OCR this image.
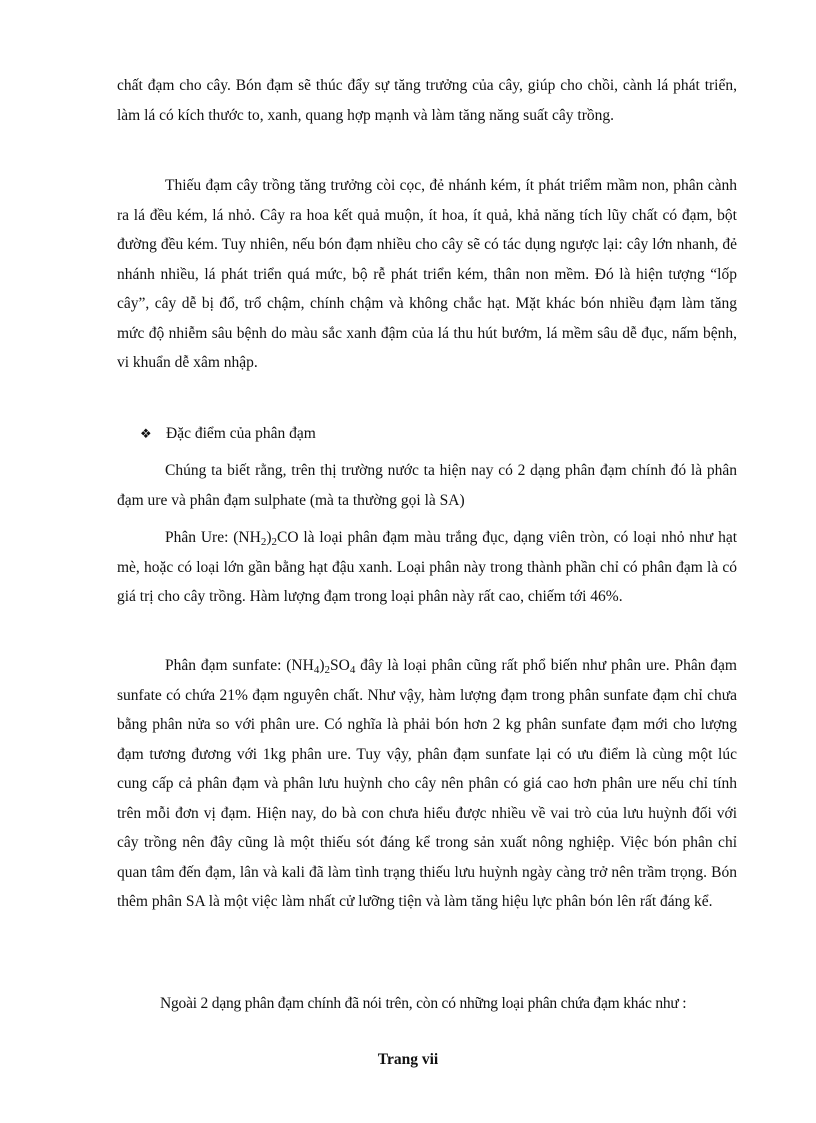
chất đạm cho cây. Bón đạm sẽ thúc đẩy sự tăng trưởng của cây, giúp cho chồi, cành lá phát triển, làm lá có kích thước to, xanh, quang hợp mạnh và làm tăng năng suất cây trồng.
Thiếu đạm cây trồng tăng trưởng còi cọc, đẻ nhánh kém, ít phát triểm mầm non, phân cành ra lá đều kém, lá nhỏ. Cây ra hoa kết quả muộn, ít hoa, ít quả, khả năng tích lũy chất có đạm, bột đường đều kém. Tuy nhiên, nếu bón đạm nhiều cho cây sẽ có tác dụng ngược lại: cây lớn nhanh, đẻ nhánh nhiều, lá phát triển quá mức, bộ rễ phát triển kém, thân non mềm. Đó là hiện tượng “lốp cây”, cây dễ bị đổ, trổ chậm, chính chậm và không chắc hạt. Mặt khác bón nhiều đạm làm tăng mức độ nhiễm sâu bệnh do màu sắc xanh đậm của lá thu hút bướm, lá mềm sâu dễ đục, nấm bệnh, vi khuẩn dễ xâm nhập.
❖ Đặc điểm của phân đạm
Chúng ta biết rằng, trên thị trường nước ta hiện nay có 2 dạng phân đạm chính đó là phân đạm ure và phân đạm sulphate (mà ta thường gọi là SA)
Phân Ure: $(NH_2)_2CO$ là loại phân đạm màu trắng đục, dạng viên tròn, có loại nhỏ như hạt mè, hoặc có loại lớn gần bằng hạt đậu xanh. Loại phân này trong thành phần chỉ có phân đạm là có giá trị cho cây trồng. Hàm lượng đạm trong loại phân này rất cao, chiếm tới 46%.
Phân đạm sunfate: $(NH_4)_2SO_4$ đây là loại phân cũng rất phổ biến như phân ure. Phân đạm sunfate có chứa 21% đạm nguyên chất. Như vậy, hàm lượng đạm trong phân sunfate đạm chỉ chưa bằng phân nửa so với phân ure. Có nghĩa là phải bón hơn 2 kg phân sunfate đạm mới cho lượng đạm tương đương với 1kg phân ure. Tuy vậy, phân đạm sunfate lại có ưu điểm là cùng một lúc cung cấp cả phân đạm và phân lưu huỳnh cho cây nên phân có giá cao hơn phân ure nếu chỉ tính trên mỗi đơn vị đạm. Hiện nay, do bà con chưa hiểu được nhiều về vai trò của lưu huỳnh đối với cây trồng nên đây cũng là một thiếu sót đáng kể trong sản xuất nông nghiệp. Việc bón phân chỉ quan tâm đến đạm, lân và kali đã làm tình trạng thiếu lưu huỳnh ngày càng trở nên trầm trọng. Bón thêm phân SA là một việc làm nhất cử lưỡng tiện và làm tăng hiệu lực phân bón lên rất đáng kể.
Ngoài 2 dạng phân đạm chính đã nói trên, còn có những loại phân chứa đạm khác như :
Trang vii
